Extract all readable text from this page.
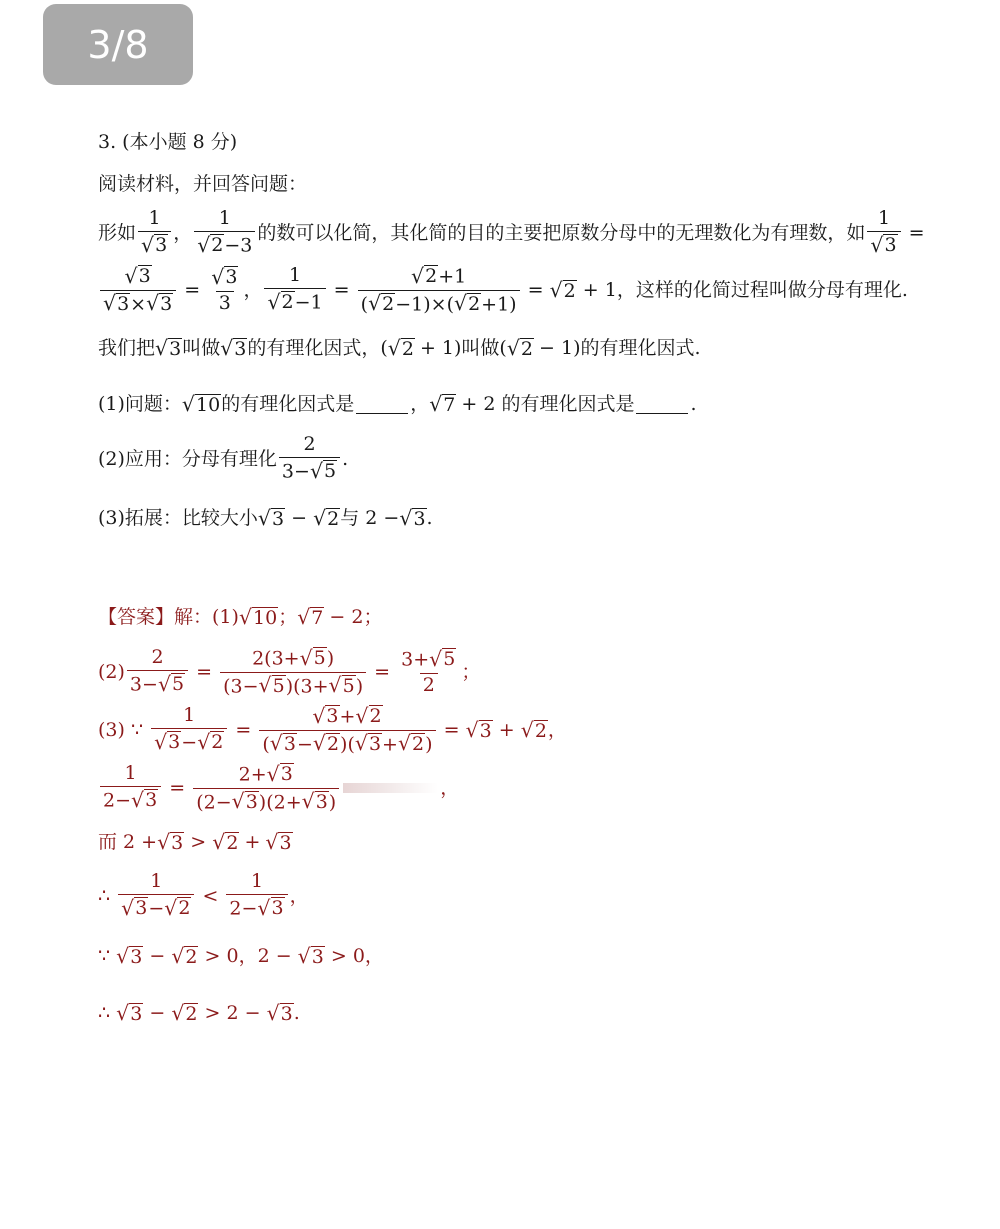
3/8
3. (本小题 8 分)
阅读材料，并回答问题：
形如 $\frac{1}{√ 3}$ ， $\frac{1}{√ 2 -3}$ 的数可以化简，其化简的目的主要把原数分母中的无理数化为有理数，如 $\frac{1}{√ 3}$ =
$\frac{√ 3}{√ 3 \times √ 3} = \frac{√ 3}{3}$ ， $\frac{1}{√ 2 -1} = \frac{√ 2 +1}{( √ 2 -1)\times( √ 2 +1)}$ = √ 2 + 1， 这样的化简过程叫做分母有理化.
我们把 √ 3 叫做 √ 3 的有理化因式，( √ 2 + 1)叫做( √ 2 − 1)的有理化因式.
(1)问题： √ 10 的有理化因式是	， √ 7 + 2 的有理化因式是	.
(2)应用：分母有理化 $\frac{2}{3- √ 5}$ .
(3)拓展：比较大小 √ 3 − √ 2 与 2 − √ 3 .
【答案】 解：(1) √ 10 ； √ 7 − 2；
$(2) \frac{2}{3- √ 5} = \frac{2(3+ √ 5 )}{(3- √ 5 )(3+ √ 5 )} = \frac{3+ √ 5}{2}$ ；
(3) ∵ $\frac{1}{√ 3 - √ 2} = \frac{√ 3 + √ 2}{( √ 3 - √ 2 )( √ 3 + √ 2 )}$ = √ 3 + √ 2 ，
$\frac{1}{2- √ 3} = \frac{2+ √ 3}{(2- √ 3 )(2+ √ 3 )}$	，
而 2 + √ 3 > √ 2 + √ 3
∴ $\frac{1}{√ 3 - √ 2} < \frac{1}{2- √ 3}$ ，
∵ √ 3 − √ 2 > 0，2 − √ 3 > 0，
∴ √ 3 − √ 2 > 2 − √ 3 .
